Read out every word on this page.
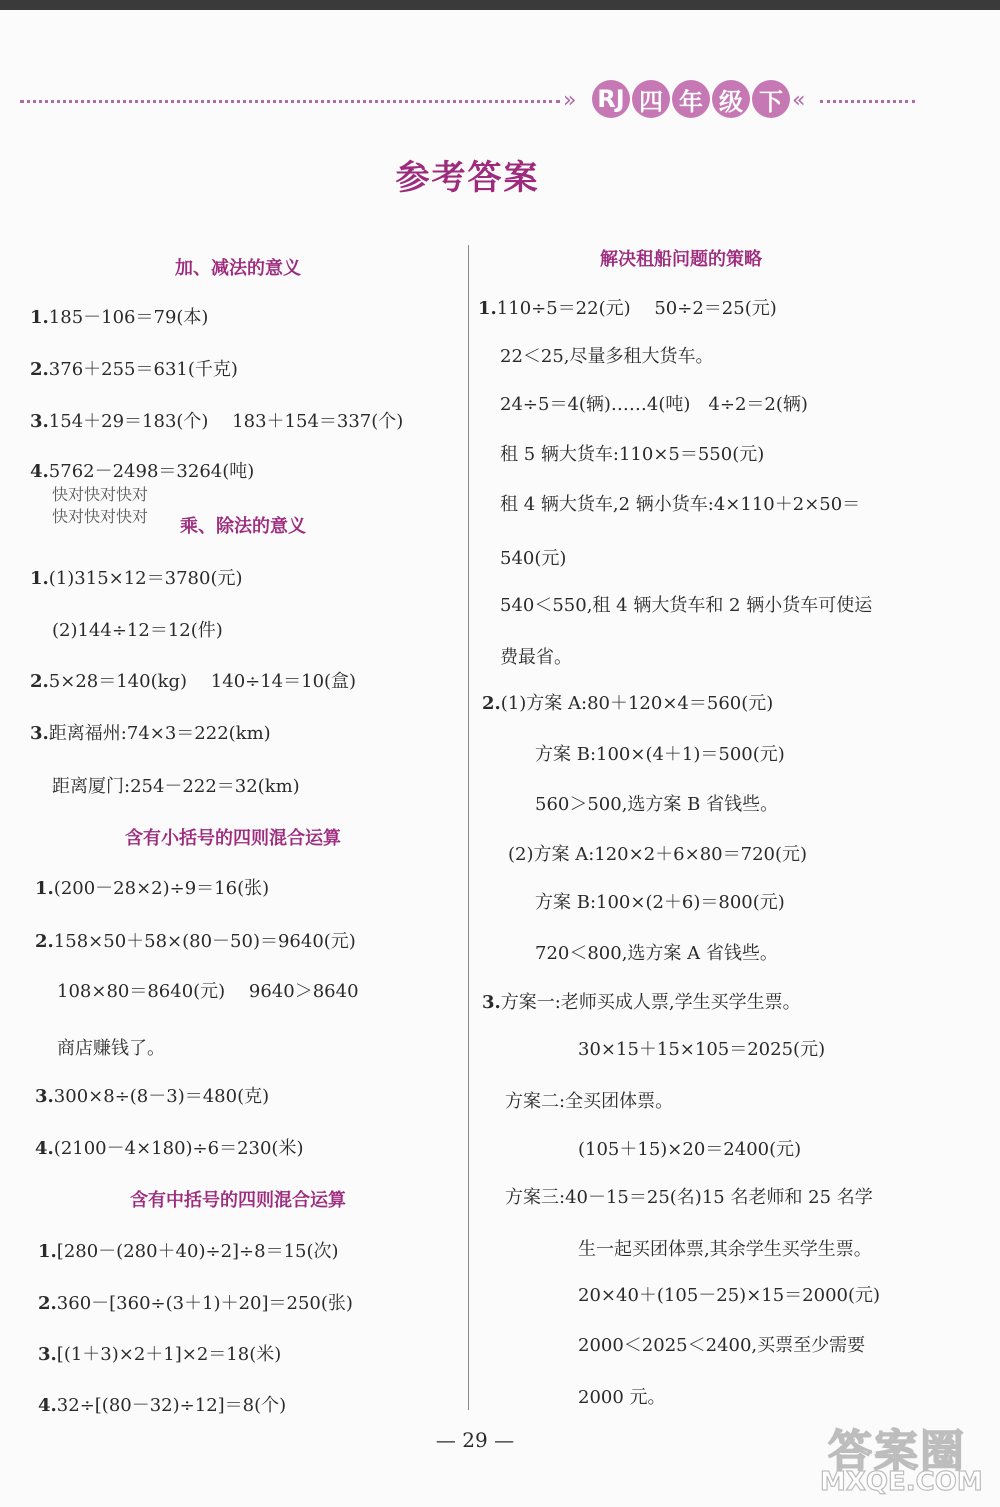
» RJ 四 年 级 下 «
参考答案
加、减法的意义
1.185－106＝79(本)
2.376＋255＝631(千克)
3.154＋29＝183(个)　 183＋154＝337(个)
4.5762－2498＝3264(吨)
快对快对快对
快对快对快对 乘、除法的意义
1.(1)315×12＝3780(元)
(2)144÷12＝12(件)
2.5×28＝140(kg)　 140÷14＝10(盒)
3.距离福州:74×3＝222(km)
距离厦门:254－222＝32(km)
含有小括号的四则混合运算
1.(200－28×2)÷9＝16(张)
2.158×50＋58×(80－50)＝9640(元)
108×80＝8640(元)　 9640＞8640
商店赚钱了。
3.300×8÷(8－3)＝480(克)
4.(2100－4×180)÷6＝230(米)
含有中括号的四则混合运算
1.[280－(280＋40)÷2]÷8＝15(次)
2.360－[360÷(3＋1)＋20]＝250(张)
3.[(1＋3)×2＋1]×2＝18(米)
4.32÷[(80－32)÷12]＝8(个)
解决租船问题的策略
1.110÷5＝22(元)　 50÷2＝25(元)
22＜25,尽量多租大货车。
24÷5＝4(辆)……4(吨)　4÷2＝2(辆)
租 5 辆大货车:110×5＝550(元)
租 4 辆大货车,2 辆小货车:4×110＋2×50＝
540(元)
540＜550,租 4 辆大货车和 2 辆小货车可使运
费最省。
2.(1)方案 A:80＋120×4＝560(元)
方案 B:100×(4＋1)＝500(元)
560＞500,选方案 B 省钱些。
(2)方案 A:120×2＋6×80＝720(元)
方案 B:100×(2＋6)＝800(元)
720＜800,选方案 A 省钱些。
3.方案一:老师买成人票,学生买学生票。
30×15＋15×105＝2025(元)
方案二:全买团体票。
(105＋15)×20＝2400(元)
方案三:40－15＝25(名)15 名老师和 25 名学
生一起买团体票,其余学生买学生票。
20×40＋(105－25)×15＝2000(元)
2000＜2025＜2400,买票至少需要
2000 元。
— 29 —	答案圈
MXQE.COM
